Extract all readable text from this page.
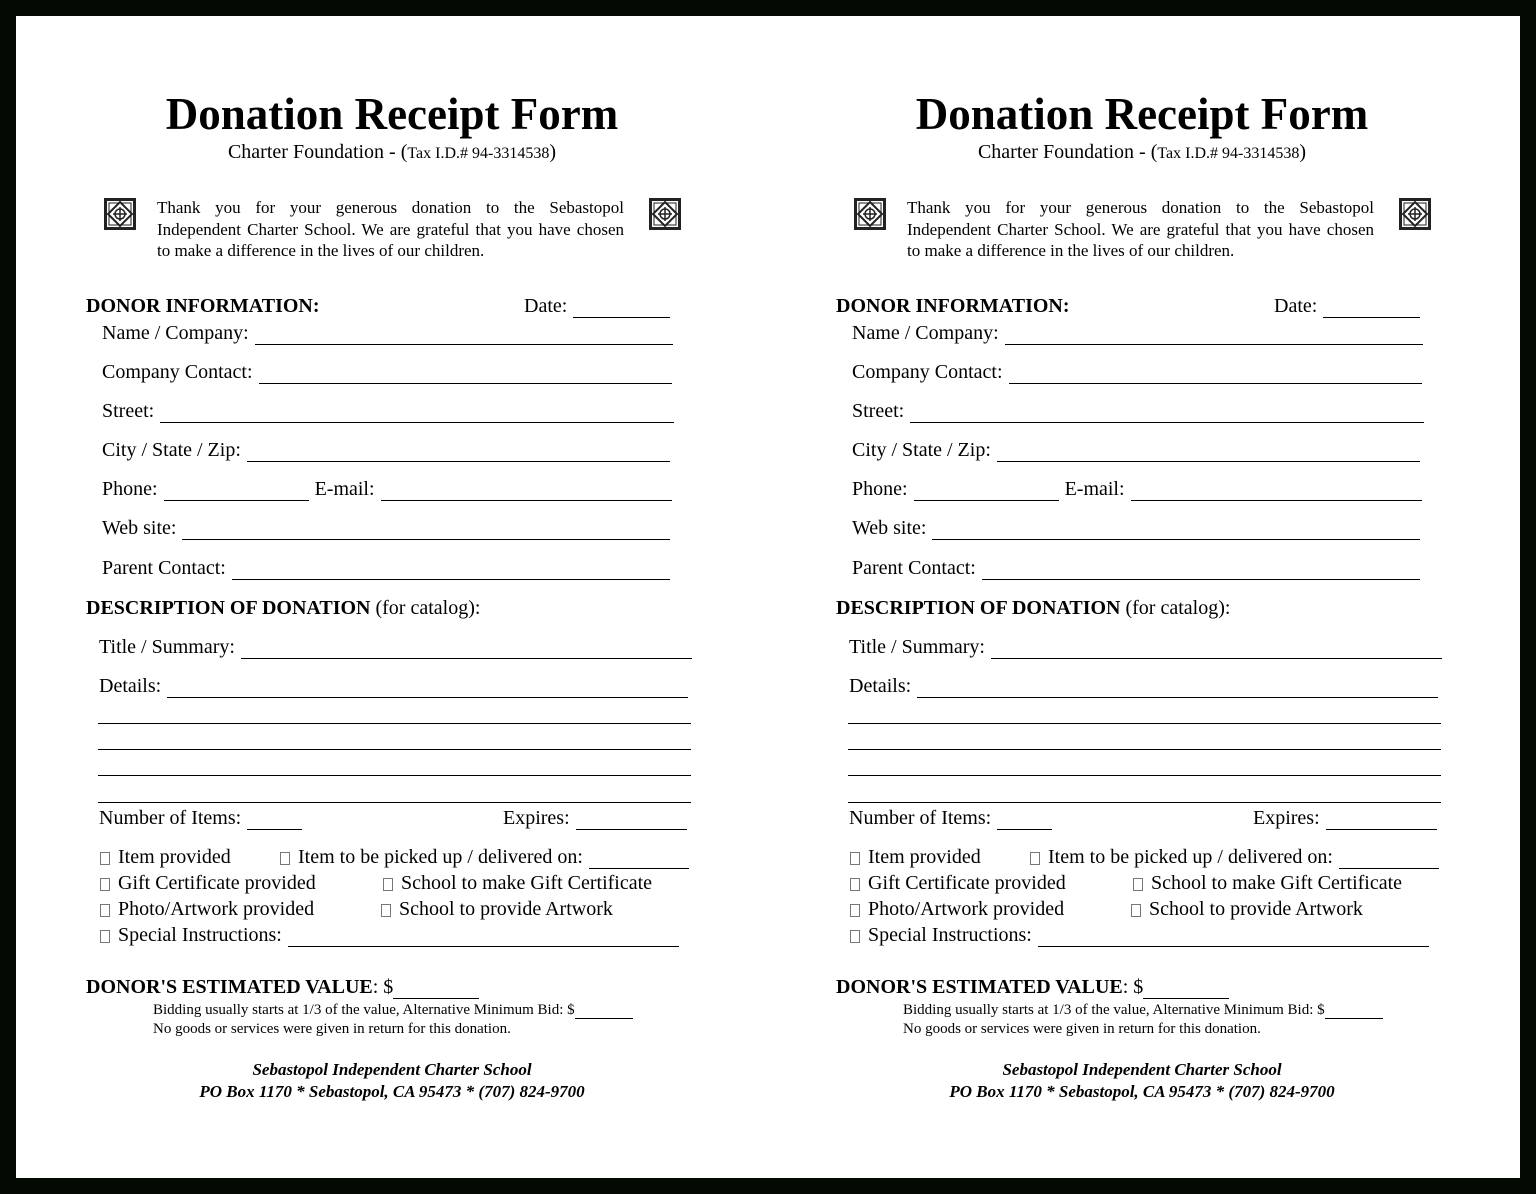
Donation Receipt Form
Charter Foundation - (Tax I.D.# 94-3314538)
Thank you for your generous donation to the Sebastopol Independent Charter School. We are grateful that you have chosen to make a difference in the lives of our children.
DONOR INFORMATION:	Date:
Name / Company:
Company Contact:
Street:
City / State / Zip:
Phone:	E-mail:
Web site:
Parent Contact:
DESCRIPTION OF DONATION (for catalog):
Title / Summary:
Details:
Number of Items:	Expires:
Item provided	Item to be picked up / delivered on:
Gift Certificate provided	School to make Gift Certificate
Photo/Artwork provided	School to provide Artwork
Special Instructions:
DONOR'S ESTIMATED VALUE : $
Bidding usually starts at 1/3 of the value, Alternative Minimum Bid: $
No goods or services were given in return for this donation.
Sebastopol Independent Charter School
PO Box 1170 * Sebastopol, CA 95473 * (707) 824-9700
Donation Receipt Form
Charter Foundation - (Tax I.D.# 94-3314538)
Thank you for your generous donation to the Sebastopol Independent Charter School. We are grateful that you have chosen to make a difference in the lives of our children.
DONOR INFORMATION:	Date:
Name / Company:
Company Contact:
Street:
City / State / Zip:
Phone:	E-mail:
Web site:
Parent Contact:
DESCRIPTION OF DONATION (for catalog):
Title / Summary:
Details:
Number of Items:	Expires:
Item provided	Item to be picked up / delivered on:
Gift Certificate provided	School to make Gift Certificate
Photo/Artwork provided	School to provide Artwork
Special Instructions:
DONOR'S ESTIMATED VALUE : $
Bidding usually starts at 1/3 of the value, Alternative Minimum Bid: $
No goods or services were given in return for this donation.
Sebastopol Independent Charter School
PO Box 1170 * Sebastopol, CA 95473 * (707) 824-9700
